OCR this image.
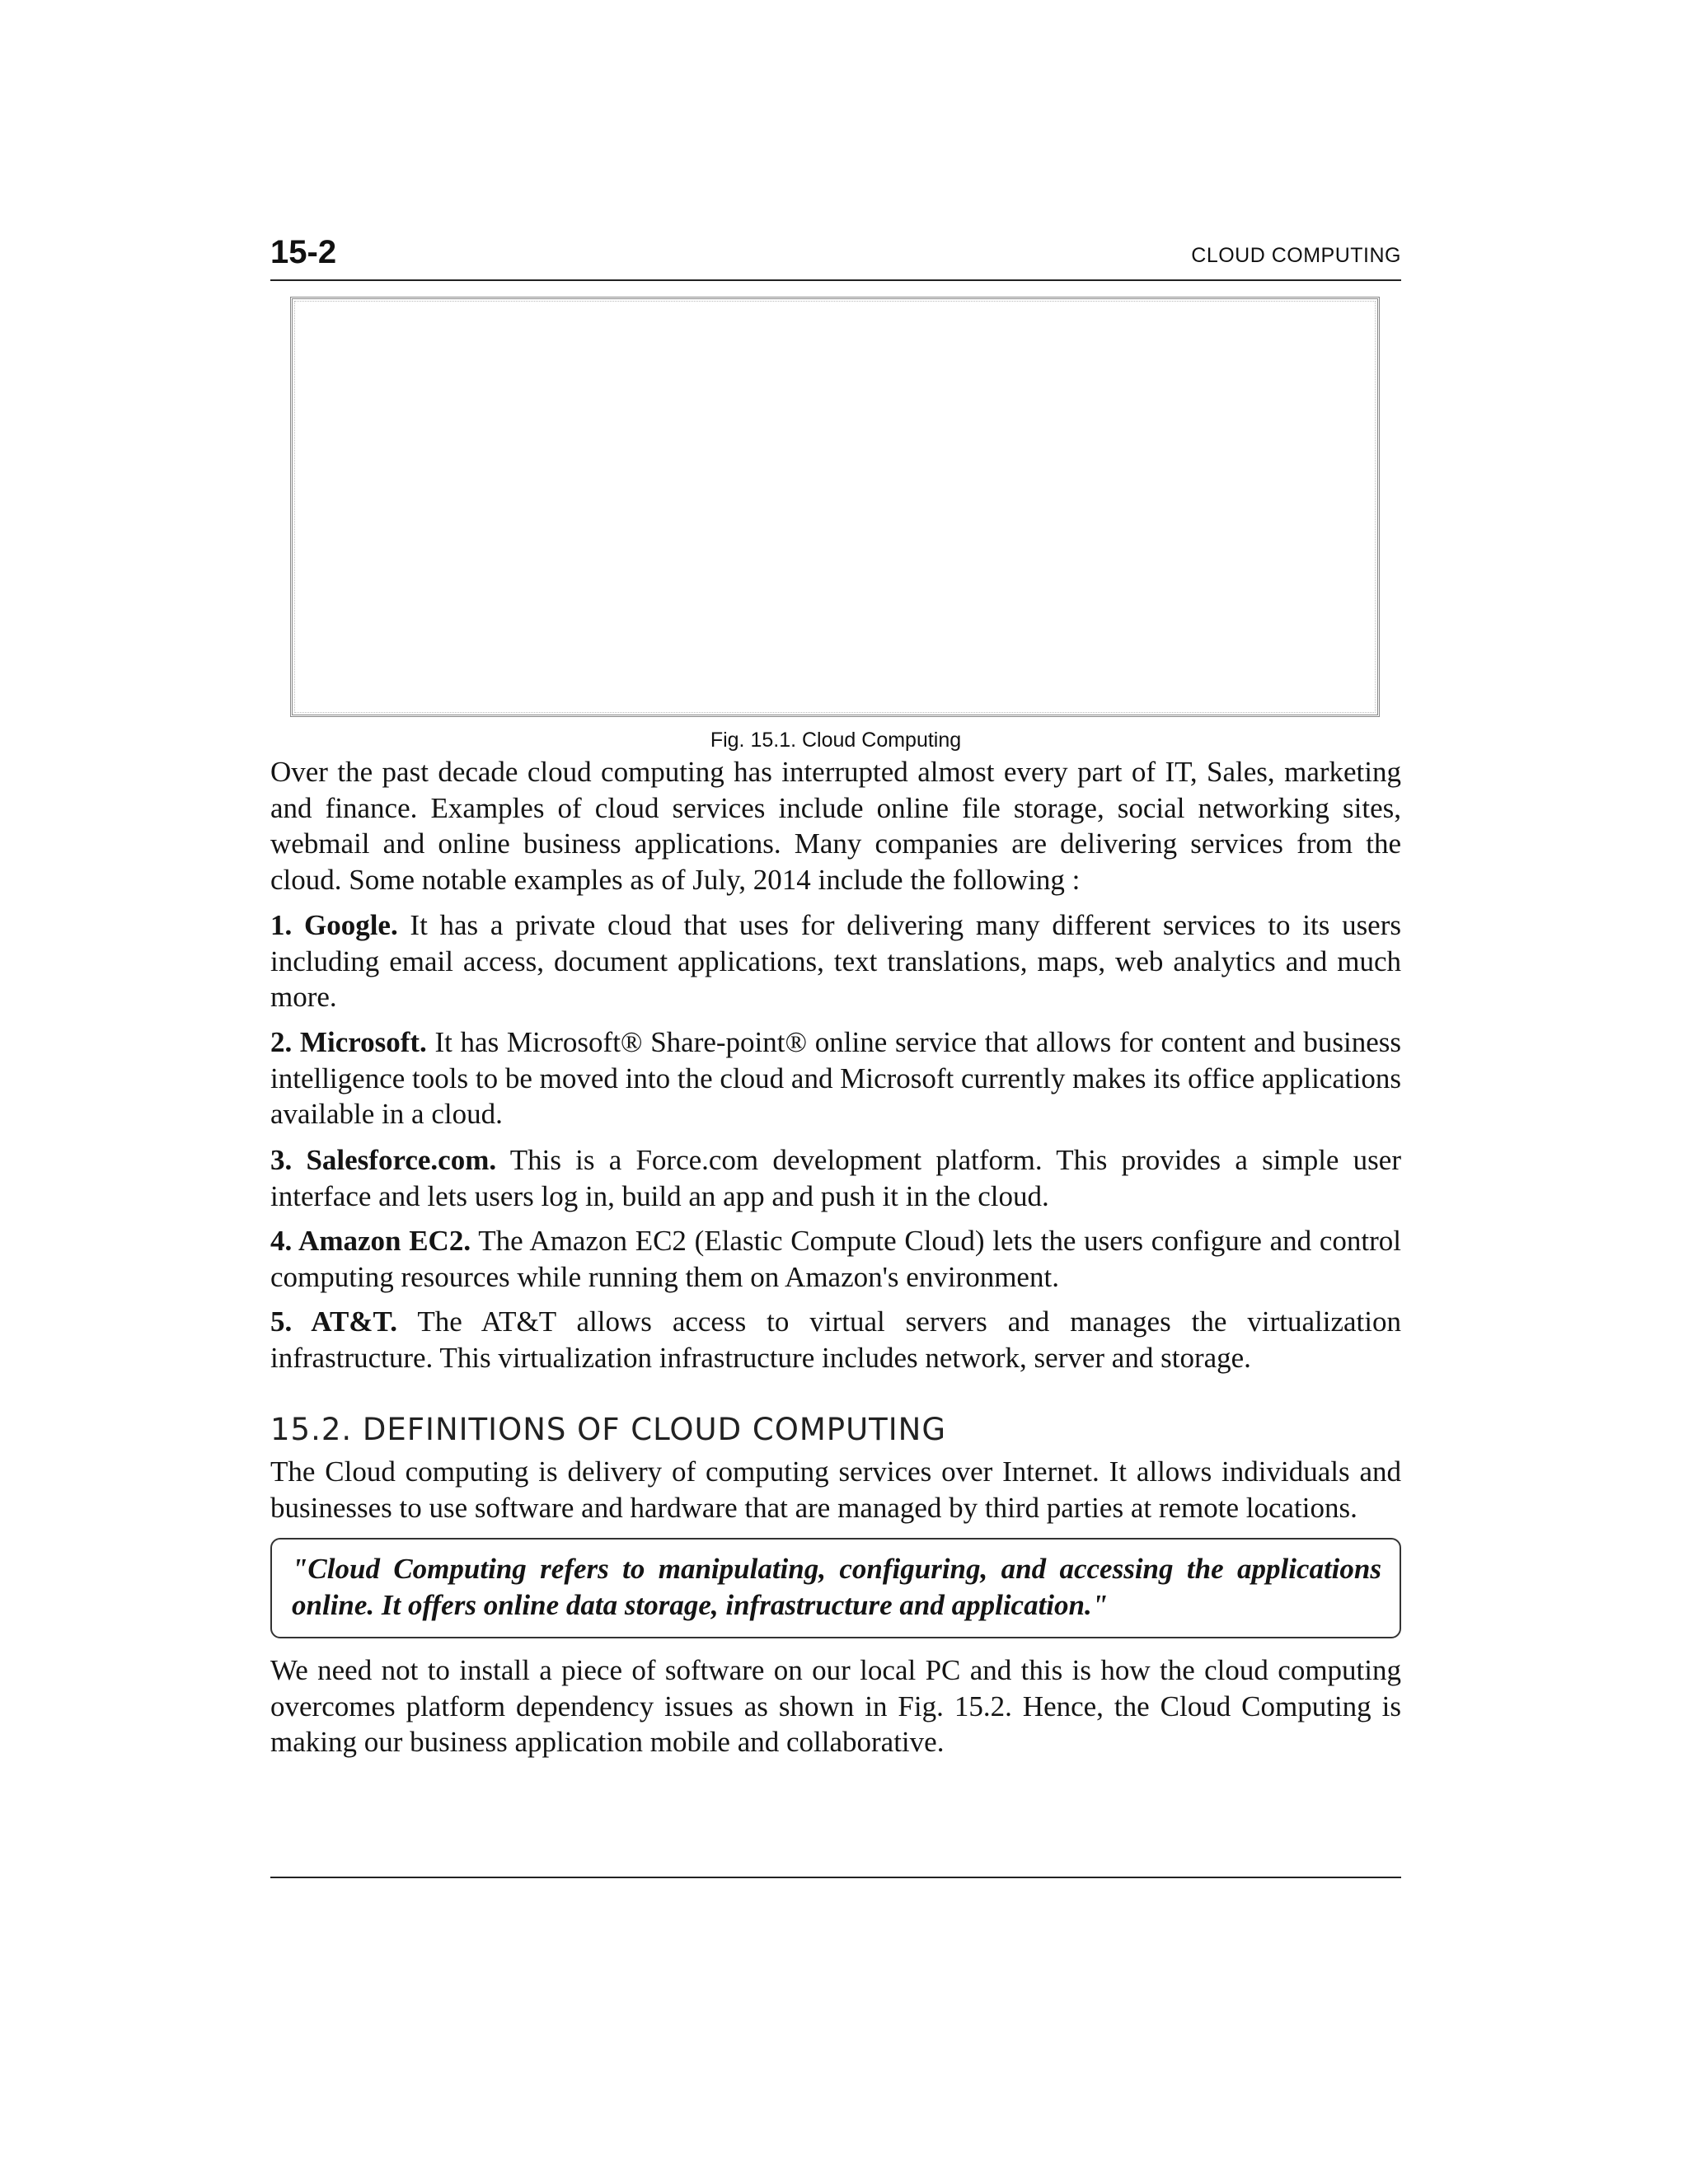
15-2	CLOUD COMPUTING
Fig. 15.1. Cloud Computing

Over the past decade cloud computing has interrupted almost every part of IT, Sales, marketing and finance. Examples of cloud services include online file storage, social networking sites, webmail and online business applications. Many companies are delivering services from the cloud. Some notable examples as of July, 2014 include the following :

1. Google. It has a private cloud that uses for delivering many different services to its users including email access, document applications, text translations, maps, web analytics and much more.

2. Microsoft. It has Microsoft® Share-point® online service that allows for content and business intelligence tools to be moved into the cloud and Microsoft currently makes its office applications available in a cloud.

3. Salesforce.com. This is a Force.com development platform. This provides a simple user interface and lets users log in, build an app and push it in the cloud.

4. Amazon EC2. The Amazon EC2 (Elastic Compute Cloud) lets the users configure and control computing resources while running them on Amazon's environment.

5. AT&T. The AT&T allows access to virtual servers and manages the virtualization infrastructure. This virtualization infrastructure includes network, server and storage.

15.2. DEFINITIONS OF CLOUD COMPUTING

The Cloud computing is delivery of computing services over Internet. It allows individuals and businesses to use software and hardware that are managed by third parties at remote locations.

"Cloud Computing refers to manipulating, configuring, and accessing the applications online. It offers online data storage, infrastructure and application."

We need not to install a piece of software on our local PC and this is how the cloud computing overcomes platform dependency issues as shown in Fig. 15.2. Hence, the Cloud Computing is making our business application mobile and collaborative.
